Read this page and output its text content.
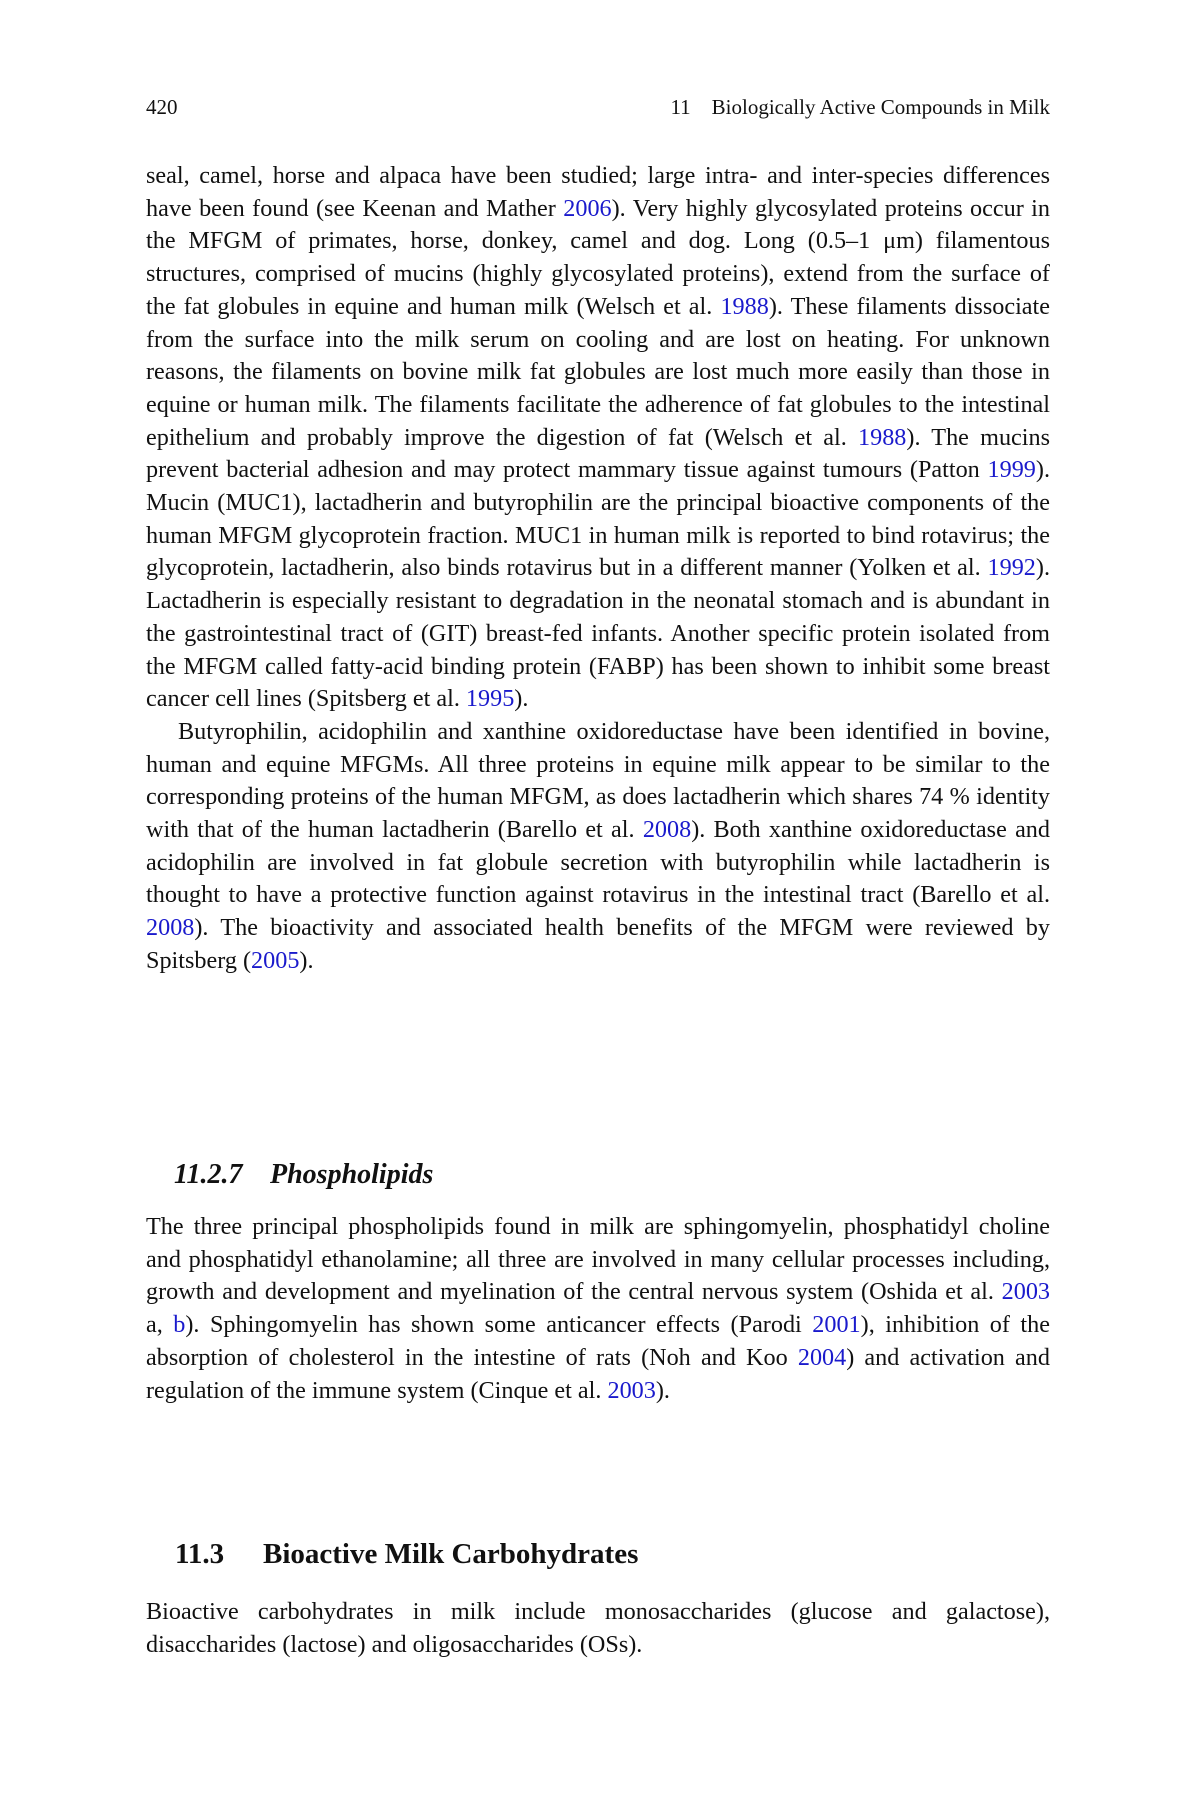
420	11    Biologically Active Compounds in Milk

seal, camel, horse and alpaca have been studied; large intra- and inter-species differences have been found (see Keenan and Mather 2006). Very highly glycosylated proteins occur in the MFGM of primates, horse, donkey, camel and dog. Long (0.5–1 μm) filamentous structures, comprised of mucins (highly glycosylated proteins), extend from the surface of the fat globules in equine and human milk (Welsch et al. 1988). These filaments dissociate from the surface into the milk serum on cooling and are lost on heating. For unknown reasons, the filaments on bovine milk fat globules are lost much more easily than those in equine or human milk. The filaments facilitate the adherence of fat globules to the intestinal epithelium and probably improve the digestion of fat (Welsch et al. 1988). The mucins prevent bacterial adhesion and may protect mammary tissue against tumours (Patton 1999). Mucin (MUC1), lactadherin and butyrophilin are the principal bioactive components of the human MFGM glycoprotein fraction. MUC1 in human milk is reported to bind rotavirus; the glycoprotein, lactadherin, also binds rotavirus but in a different manner (Yolken et al. 1992). Lactadherin is especially resistant to degradation in the neonatal stomach and is abundant in the gastrointestinal tract of (GIT) breast-fed infants. Another specific protein isolated from the MFGM called fatty-acid binding protein (FABP) has been shown to inhibit some breast cancer cell lines (Spitsberg et al. 1995).

Butyrophilin, acidophilin and xanthine oxidoreductase have been identified in bovine, human and equine MFGMs. All three proteins in equine milk appear to be similar to the corresponding proteins of the human MFGM, as does lactadherin which shares 74 % identity with that of the human lactadherin (Barello et al. 2008). Both xanthine oxidoreductase and acidophilin are involved in fat globule secretion with butyrophilin while lactadherin is thought to have a protective function against rotavirus in the intestinal tract (Barello et al. 2008). The bioactivity and associated health benefits of the MFGM were reviewed by Spitsberg (2005).

11.2.7 Phospholipids

The three principal phospholipids found in milk are sphingomyelin, phosphatidyl choline and phosphatidyl ethanolamine; all three are involved in many cellular processes including, growth and development and myelination of the central nervous system (Oshida et al. 2003 a, b). Sphingomyelin has shown some anticancer effects (Parodi 2001), inhibition of the absorption of cholesterol in the intestine of rats (Noh and Koo 2004) and activation and regulation of the immune system (Cinque et al. 2003).

11.3 Bioactive Milk Carbohydrates

Bioactive carbohydrates in milk include monosaccharides (glucose and galactose), disaccharides (lactose) and oligosaccharides (OSs).
